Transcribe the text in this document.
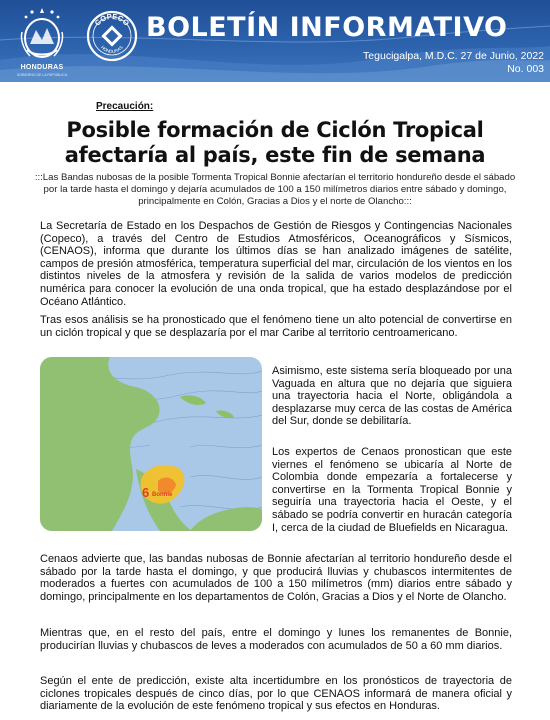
HONDURAS
GOBIERNO DE LA REPÚBLICA
COPECO
HONDURAS
BOLETÍN INFORMATIVO
Tegucigalpa, M.D.C. 27 de Junio, 2022
No. 003
Precaución:
Posible formación de Ciclón Tropical
afectaría al país, este fin de semana
:::Las Bandas nubosas de la posible Tormenta Tropical Bonnie afectarían el territorio hondureño desde el sábado por la tarde hasta el domingo y dejaría acumulados de 100 a 150 milímetros diarios entre sábado y domingo, principalmente en Colón, Gracias a Dios y el norte de Olancho:::

La Secretaría de Estado en los Despachos de Gestión de Riesgos y Contingencias Nacionales (Copeco), a través del Centro de Estudios Atmosféricos, Oceanográficos y Sísmicos, (CENAOS), informa que durante los últimos días se han analizado imágenes de satélite, campos de presión atmosférica, temperatura superficial del mar, circulación de los vientos en los distintos niveles de la atmosfera y revisión de la salida de varios modelos de predicción numérica para conocer la evolución de una onda tropical, que ha estado desplazándose por el Océano Atlántico.

Tras esos análisis se ha pronosticado que el fenómeno tiene un alto potencial de convertirse en un ciclón tropical y que se desplazaría por el mar Caribe al territorio centroamericano.

6 Bonnie

Asimismo, este sistema sería bloqueado por una Vaguada en altura que no dejaría que siguiera una trayectoria hacia el Norte, obligándola a desplazarse muy cerca de las costas de América del Sur, donde se debilitaría.

Los expertos de Cenaos pronostican que este viernes el fenómeno se ubicaría al Norte de Colombia donde empezaría a fortalecerse y convertirse en la Tormenta Tropical Bonnie y seguiría una trayectoria hacia el Oeste, y el sábado se podría convertir en huracán categoría I, cerca de la ciudad de Bluefields en Nicaragua.

Cenaos advierte que, las bandas nubosas de Bonnie afectarían al territorio hondureño desde el sábado por la tarde hasta el domingo, y que producirá lluvias y chubascos intermitentes de moderados a fuertes con acumulados de 100 a 150 milímetros (mm) diarios entre sábado y domingo, principalmente en los departamentos de Colón, Gracias a Dios y el Norte de Olancho.

Mientras que, en el resto del país, entre el domingo y lunes los remanentes de Bonnie, producirían lluvias y chubascos de leves a moderados con acumulados de 50 a 60 mm diarios.

Según el ente de predicción, existe alta incertidumbre en los pronósticos de trayectoria de ciclones tropicales después de cinco días, por lo que CENAOS informará de manera oficial y diariamente de la evolución de este fenómeno tropical y sus efectos en Honduras.
